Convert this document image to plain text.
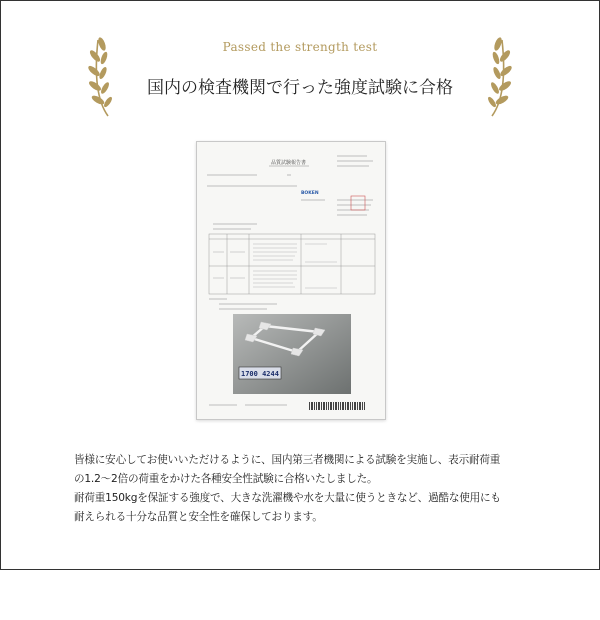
Passed the strength test
国内の検査機関で行った強度試験に合格
品質試験報告書
BOKEN
1700 4244

皆様に安心してお使いいただけるように、国内第三者機関による試験を実施し、表示耐荷重

の1.2〜2倍の荷重をかけた各種安全性試験に合格いたしました。

耐荷重150kgを保証する強度で、大きな洗濯機や水を大量に使うときなど、過酷な使用にも

耐えられる十分な品質と安全性を確保しております。
